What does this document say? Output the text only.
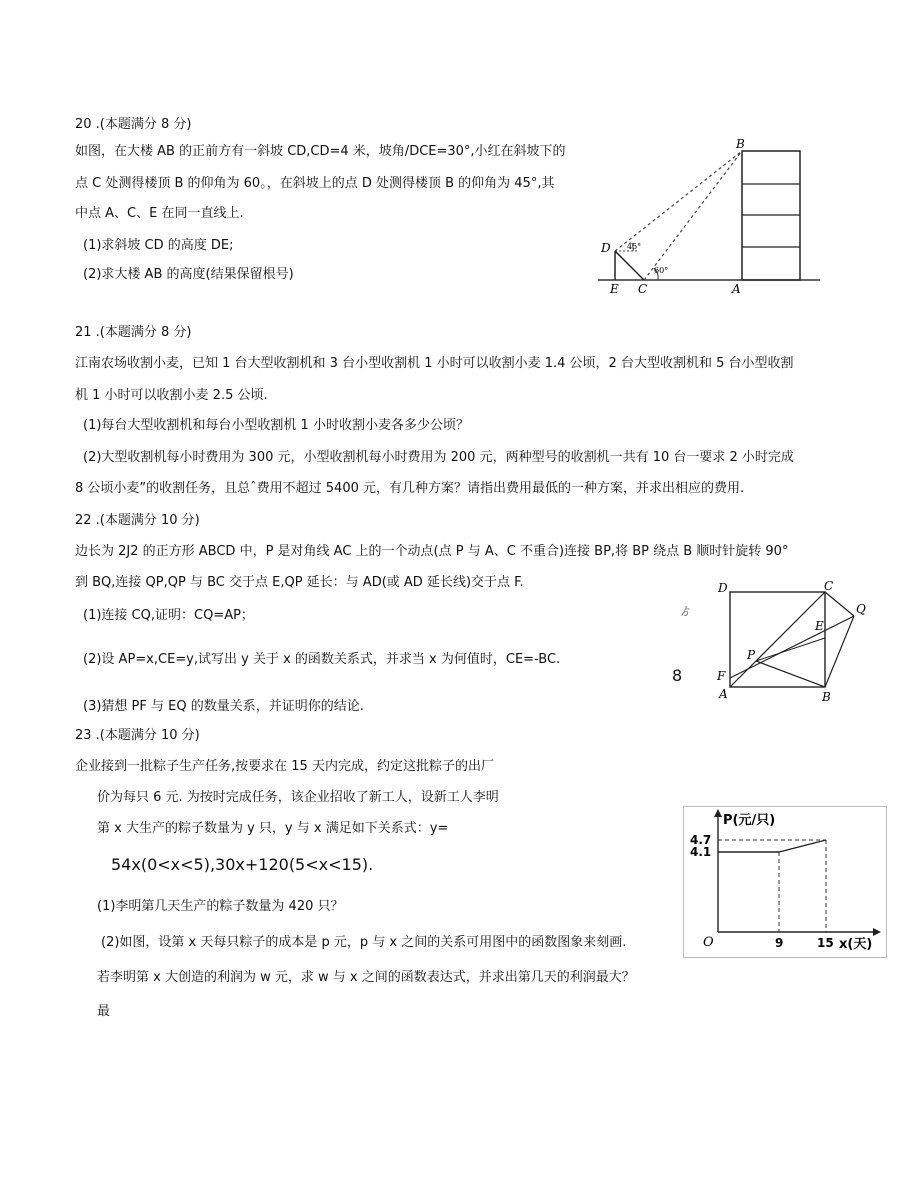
20 .(本题满分 8 分)
如图，在大楼 AB 的正前方有一斜坡 CD,CD=4 米，坡角/DCE=30°,小红在斜坡下的
点 C 处测得楼顶 B 的仰角为 60。，在斜坡上的点 D 处测得楼顶 B 的仰角为 45°,其
中点 A、C、E 在同一直线上.
(1)求斜坡 CD 的高度 DE;
(2)求大楼 AB 的高度(结果保留根号)
B
D
E C	A
45°
60°
21 .(本题满分 8 分)
江南农场收割小麦，已知 1 台大型收割机和 3 台小型收割机 1 小时可以收割小麦 1.4 公顷，2 台大型收割机和 5 台小型收割
机 1 小时可以收割小麦 2.5 公顷.
(1)每台大型收割机和每台小型收割机 1 小时收割小麦各多少公顷？
(2)大型收割机每小时费用为 300 元，小型收割机每小时费用为 200 元，两种型号的收割机一共有 10 台一要求 2 小时完成
8 公顷小麦”的收割任务，且总ˆ费用不超过 5400 元，有几种方案？请指出费用最低的一种方案，并求出相应的费用.
22 .(本题满分 10 分)
边长为 2J2 的正方形 ABCD 中，P 是对角线 AC 上的一个动点(点 P 与 A、C 不重合)连接 BP,将 BP 绕点 B 顺时针旋转 90°
到 BQ,连接 QP,QP 与 BC 交于点 E,QP 延长：与 AD(或 AD 延长线)交于点 F.
(1)连接 CQ,证明：CQ=AP；
(2)设 AP=x,CE=y,试写出 y 关于 x 的函数关系式，并求当 x 为何值时，CE=-BC.
(3)猜想 PF 与 EQ 的数量关系，并证明你的结论.
ゟ
8
D	C
Q
E
P
F
A	B
23 .(本题满分 10 分)
企业接到一批粽子生产任务,按要求在 15 天内完成，约定这批粽子的出厂
价为每只 6 元. 为按时完成任务，该企业招收了新工人，设新工人李明
第 x 大生产的粽子数量为 y 只，y 与 x 满足如下关系式：y=
54x(0<x<5),30x+120(5<x<15).
(1)李明第几天生产的粽子数量为 420 只？
(2)如图，设第 x 天每只粽子的成本是 p 元，p 与 x 之间的关系可用图中的函数图象来刻画.
若李明第 x 大创造的利润为 w 元，求 w 与 x 之间的函数表达式，并求出第几天的利润最大？
最
P(元/只)
4.7
4.1
O	9	15 x(天)
